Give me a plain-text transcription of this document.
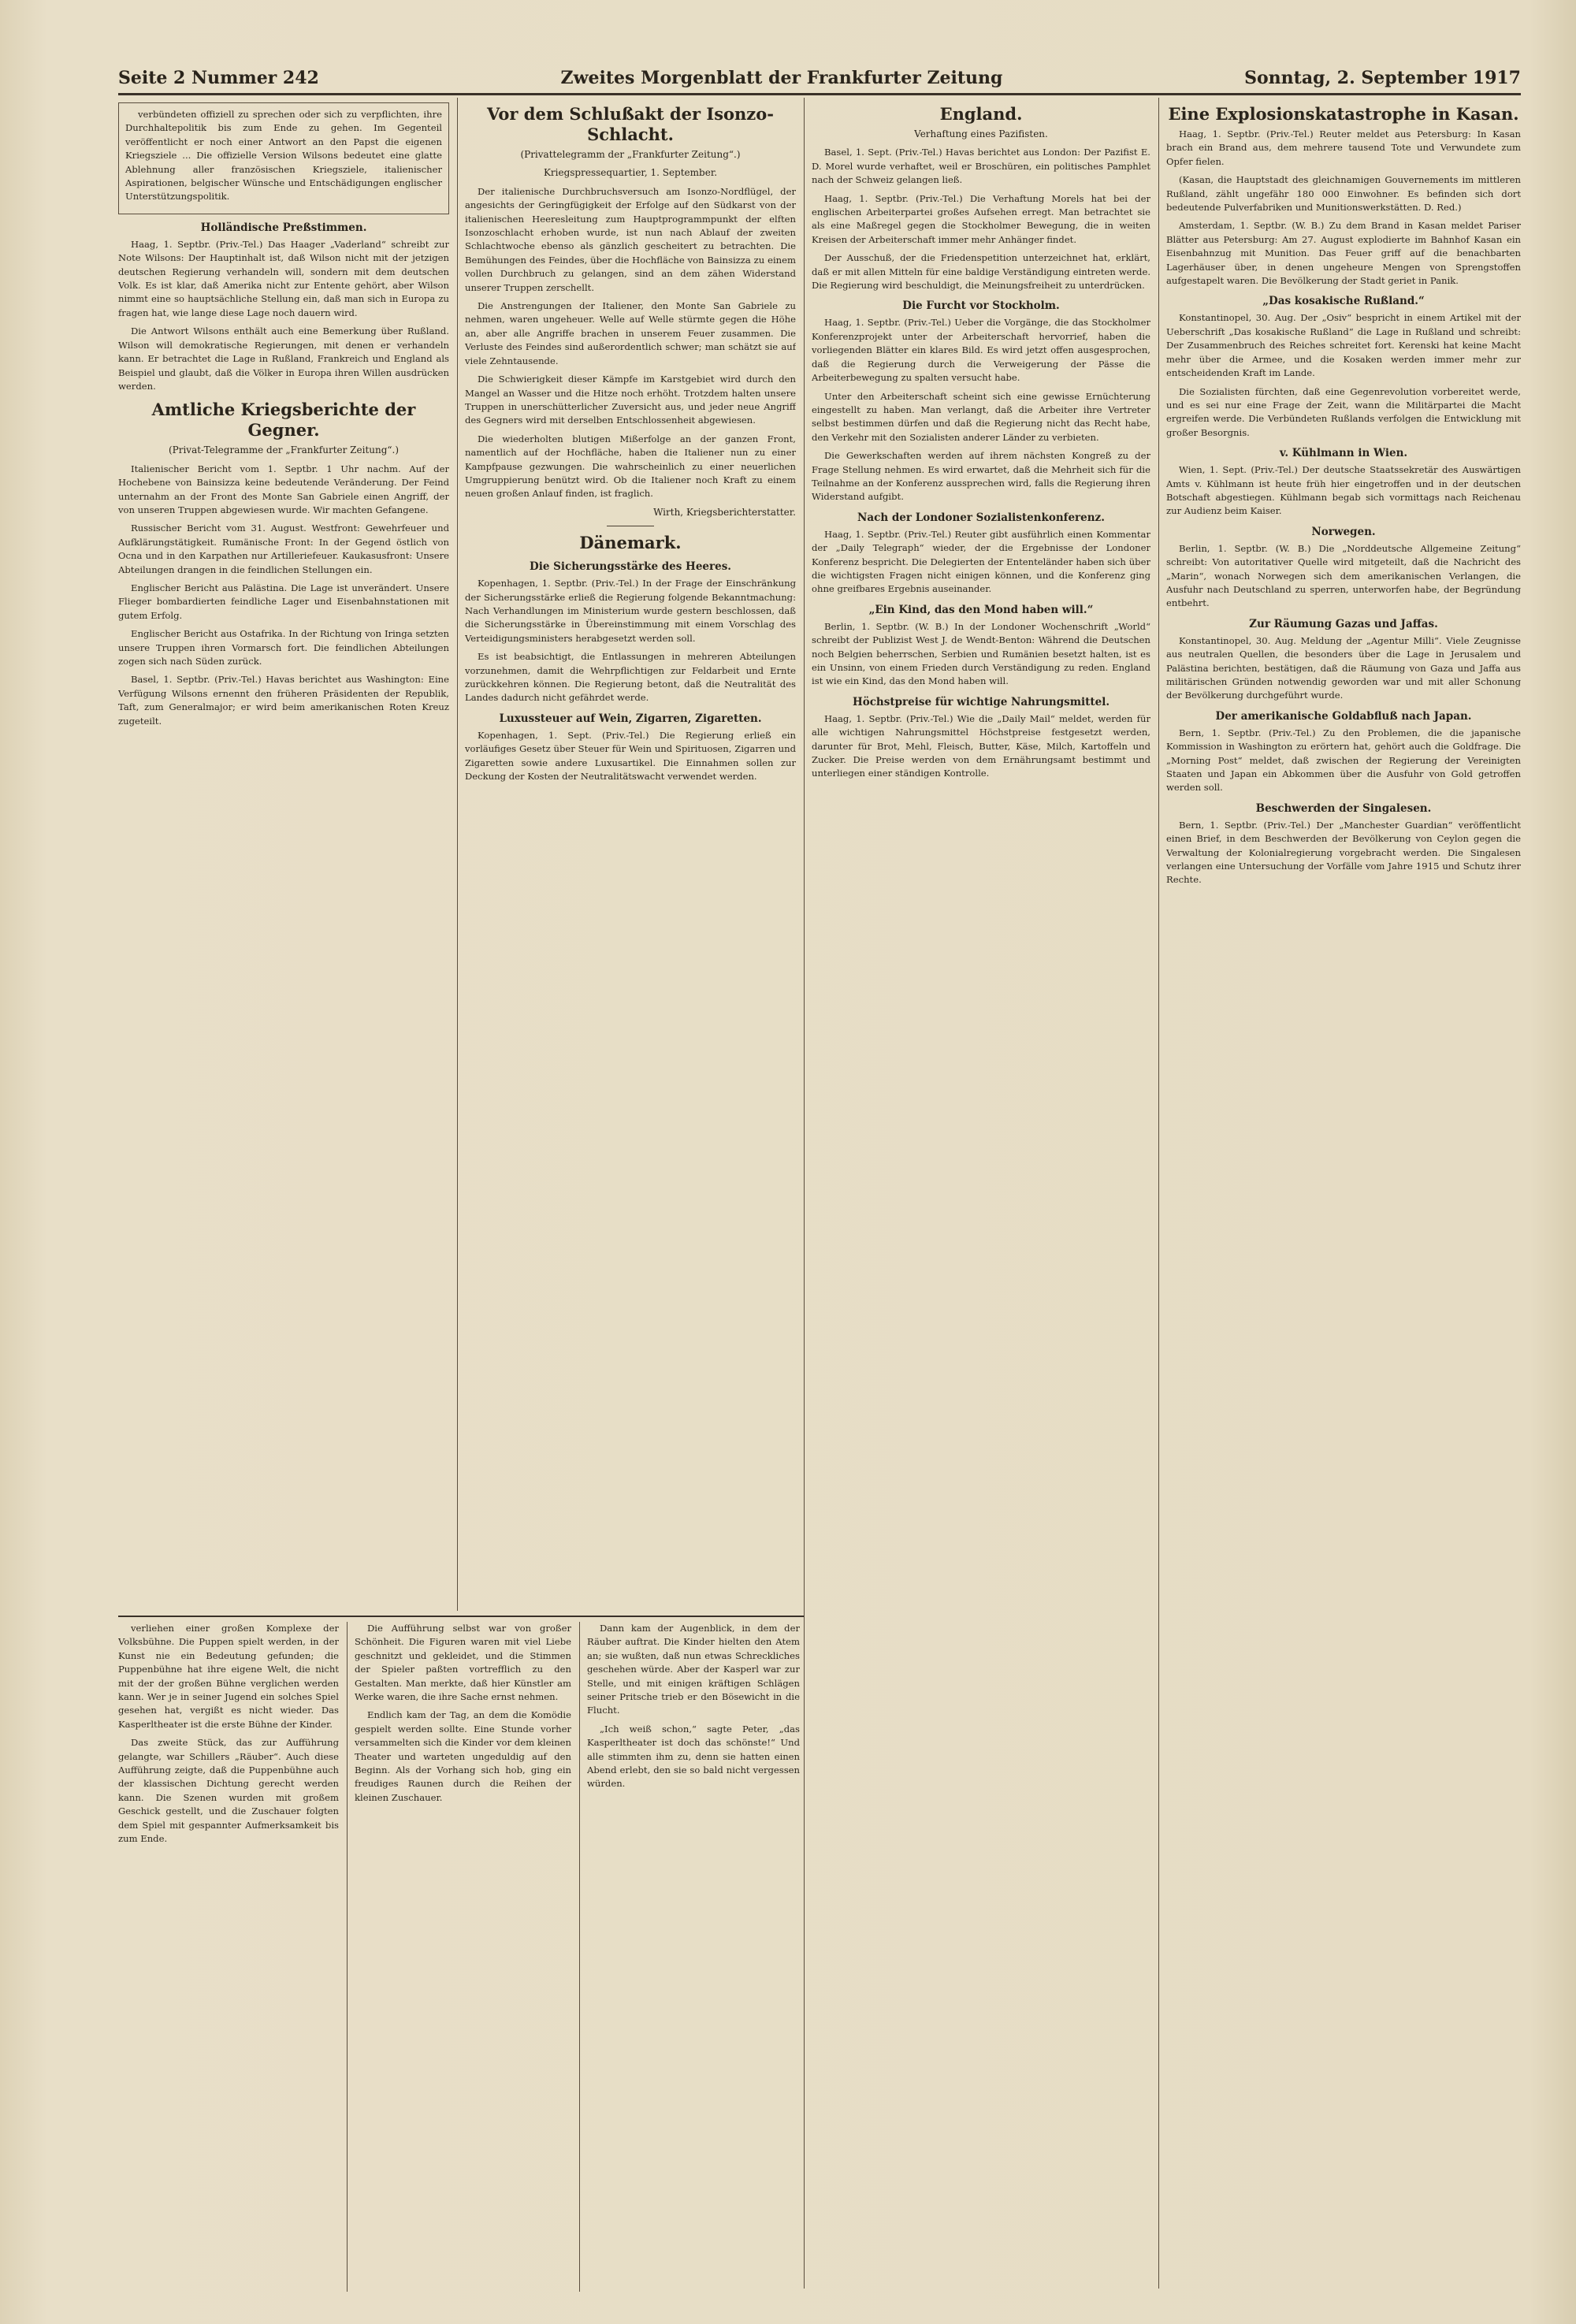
Seite 2 Nummer 242	Zweites Morgenblatt der Frankfurter Zeitung	Sonntag, 2. September 1917

verbündeten offiziell zu sprechen oder sich zu verpflichten, ihre Durchhaltepolitik bis zum Ende zu gehen. Im Gegenteil veröffentlicht er noch einer Antwort an den Papst die eigenen Kriegsziele ... Die offizielle Version Wilsons bedeutet eine glatte Ablehnung aller französischen Kriegsziele, italienischer Aspirationen, belgischer Wünsche und Entschädigungen englischer Unterstützungspolitik.

Holländische Preßstimmen.

Haag, 1. Septbr. (Priv.-Tel.) Das Haager „Vaderland“ schreibt zur Note Wilsons: Der Hauptinhalt ist, daß Wilson nicht mit der jetzigen deutschen Regierung verhandeln will, sondern mit dem deutschen Volk. Es ist klar, daß Amerika nicht zur Entente gehört, aber Wilson nimmt eine so hauptsächliche Stellung ein, daß man sich in Europa zu fragen hat, wie lange diese Lage noch dauern wird.

Die Antwort Wilsons enthält auch eine Bemerkung über Rußland. Wilson will demokratische Regierungen, mit denen er verhandeln kann. Er betrachtet die Lage in Rußland, Frankreich und England als Beispiel und glaubt, daß die Völker in Europa ihren Willen ausdrücken werden.

Amtliche Kriegsberichte der Gegner.
(Privat-Telegramme der „Frankfurter Zeitung“.)

Italienischer Bericht vom 1. Septbr. 1 Uhr nachm. Auf der Hochebene von Bainsizza keine bedeutende Veränderung. Der Feind unternahm an der Front des Monte San Gabriele einen Angriff, der von unseren Truppen abgewiesen wurde. Wir machten Gefangene.

Russischer Bericht vom 31. August. Westfront: Gewehrfeuer und Aufklärungstätigkeit. Rumänische Front: In der Gegend östlich von Ocna und in den Karpathen nur Artilleriefeuer. Kaukasusfront: Unsere Abteilungen drangen in die feindlichen Stellungen ein.

Englischer Bericht aus Palästina. Die Lage ist unverändert. Unsere Flieger bombardierten feindliche Lager und Eisenbahnstationen mit gutem Erfolg.

Englischer Bericht aus Ostafrika. In der Richtung von Iringa setzten unsere Truppen ihren Vormarsch fort. Die feindlichen Abteilungen zogen sich nach Süden zurück.

Basel, 1. Septbr. (Priv.-Tel.) Havas berichtet aus Washington: Eine Verfügung Wilsons ernennt den früheren Präsidenten der Republik, Taft, zum Generalmajor; er wird beim amerikanischen Roten Kreuz zugeteilt.

Vor dem Schlußakt der Isonzo-Schlacht.
(Privattelegramm der „Frankfurter Zeitung“.)
Kriegspressequartier, 1. September.

Der italienische Durchbruchsversuch am Isonzo-Nordflügel, der angesichts der Geringfügigkeit der Erfolge auf den Südkarst von der italienischen Heeresleitung zum Hauptprogrammpunkt der elften Isonzoschlacht erhoben wurde, ist nun nach Ablauf der zweiten Schlachtwoche ebenso als gänzlich gescheitert zu betrachten. Die Bemühungen des Feindes, über die Hochfläche von Bainsizza zu einem vollen Durchbruch zu gelangen, sind an dem zähen Widerstand unserer Truppen zerschellt.

Die Anstrengungen der Italiener, den Monte San Gabriele zu nehmen, waren ungeheuer. Welle auf Welle stürmte gegen die Höhe an, aber alle Angriffe brachen in unserem Feuer zusammen. Die Verluste des Feindes sind außerordentlich schwer; man schätzt sie auf viele Zehntausende.

Die Schwierigkeit dieser Kämpfe im Karstgebiet wird durch den Mangel an Wasser und die Hitze noch erhöht. Trotzdem halten unsere Truppen in unerschütterlicher Zuversicht aus, und jeder neue Angriff des Gegners wird mit derselben Entschlossenheit abgewiesen.

Die wiederholten blutigen Mißerfolge an der ganzen Front, namentlich auf der Hochfläche, haben die Italiener nun zu einer Kampfpause gezwungen. Die wahrscheinlich zu einer neuerlichen Umgruppierung benützt wird. Ob die Italiener noch Kraft zu einem neuen großen Anlauf finden, ist fraglich.

Wirth, Kriegsberichterstatter.
Dänemark.
Die Sicherungsstärke des Heeres.

Kopenhagen, 1. Septbr. (Priv.-Tel.) In der Frage der Einschränkung der Sicherungsstärke erließ die Regierung folgende Bekanntmachung: Nach Verhandlungen im Ministerium wurde gestern beschlossen, daß die Sicherungsstärke in Übereinstimmung mit einem Vorschlag des Verteidigungsministers herabgesetzt werden soll.

Es ist beabsichtigt, die Entlassungen in mehreren Abteilungen vorzunehmen, damit die Wehrpflichtigen zur Feldarbeit und Ernte zurückkehren können. Die Regierung betont, daß die Neutralität des Landes dadurch nicht gefährdet werde.

Luxussteuer auf Wein, Zigarren, Zigaretten.

Kopenhagen, 1. Sept. (Priv.-Tel.) Die Regierung erließ ein vorläufiges Gesetz über Steuer für Wein und Spirituosen, Zigarren und Zigaretten sowie andere Luxusartikel. Die Einnahmen sollen zur Deckung der Kosten der Neutralitätswacht verwendet werden.

England.
Verhaftung eines Pazifisten.

Basel, 1. Sept. (Priv.-Tel.) Havas berichtet aus London: Der Pazifist E. D. Morel wurde verhaftet, weil er Broschüren, ein politisches Pamphlet nach der Schweiz gelangen ließ.

Haag, 1. Septbr. (Priv.-Tel.) Die Verhaftung Morels hat bei der englischen Arbeiterpartei großes Aufsehen erregt. Man betrachtet sie als eine Maßregel gegen die Stockholmer Bewegung, die in weiten Kreisen der Arbeiterschaft immer mehr Anhänger findet.

Der Ausschuß, der die Friedenspetition unterzeichnet hat, erklärt, daß er mit allen Mitteln für eine baldige Verständigung eintreten werde. Die Regierung wird beschuldigt, die Meinungsfreiheit zu unterdrücken.

Die Furcht vor Stockholm.

Haag, 1. Septbr. (Priv.-Tel.) Ueber die Vorgänge, die das Stockholmer Konferenzprojekt unter der Arbeiterschaft hervorrief, haben die vorliegenden Blätter ein klares Bild. Es wird jetzt offen ausgesprochen, daß die Regierung durch die Verweigerung der Pässe die Arbeiterbewegung zu spalten versucht habe.

Unter den Arbeiterschaft scheint sich eine gewisse Ernüchterung eingestellt zu haben. Man verlangt, daß die Arbeiter ihre Vertreter selbst bestimmen dürfen und daß die Regierung nicht das Recht habe, den Verkehr mit den Sozialisten anderer Länder zu verbieten.

Die Gewerkschaften werden auf ihrem nächsten Kongreß zu der Frage Stellung nehmen. Es wird erwartet, daß die Mehrheit sich für die Teilnahme an der Konferenz aussprechen wird, falls die Regierung ihren Widerstand aufgibt.

Nach der Londoner Sozialistenkonferenz.

Haag, 1. Septbr. (Priv.-Tel.) Reuter gibt ausführlich einen Kommentar der „Daily Telegraph“ wieder, der die Ergebnisse der Londoner Konferenz bespricht. Die Delegierten der Ententeländer haben sich über die wichtigsten Fragen nicht einigen können, und die Konferenz ging ohne greifbares Ergebnis auseinander.

„Ein Kind, das den Mond haben will.“

Berlin, 1. Septbr. (W. B.) In der Londoner Wochenschrift „World“ schreibt der Publizist West J. de Wendt-Benton: Während die Deutschen noch Belgien beherrschen, Serbien und Rumänien besetzt halten, ist es ein Unsinn, von einem Frieden durch Verständigung zu reden. England ist wie ein Kind, das den Mond haben will.

Höchstpreise für wichtige Nahrungsmittel.

Haag, 1. Septbr. (Priv.-Tel.) Wie die „Daily Mail“ meldet, werden für alle wichtigen Nahrungsmittel Höchstpreise festgesetzt werden, darunter für Brot, Mehl, Fleisch, Butter, Käse, Milch, Kartoffeln und Zucker. Die Preise werden von dem Ernährungsamt bestimmt und unterliegen einer ständigen Kontrolle.

Eine Explosionskatastrophe in Kasan.

Haag, 1. Septbr. (Priv.-Tel.) Reuter meldet aus Petersburg: In Kasan brach ein Brand aus, dem mehrere tausend Tote und Verwundete zum Opfer fielen.

(Kasan, die Hauptstadt des gleichnamigen Gouvernements im mittleren Rußland, zählt ungefähr 180 000 Einwohner. Es befinden sich dort bedeutende Pulverfabriken und Munitionswerkstätten. D. Red.)

Amsterdam, 1. Septbr. (W. B.) Zu dem Brand in Kasan meldet Pariser Blätter aus Petersburg: Am 27. August explodierte im Bahnhof Kasan ein Eisenbahnzug mit Munition. Das Feuer griff auf die benachbarten Lagerhäuser über, in denen ungeheure Mengen von Sprengstoffen aufgestapelt waren. Die Bevölkerung der Stadt geriet in Panik.

„Das kosakische Rußland.“

Konstantinopel, 30. Aug. Der „Osiv“ bespricht in einem Artikel mit der Ueberschrift „Das kosakische Rußland“ die Lage in Rußland und schreibt: Der Zusammenbruch des Reiches schreitet fort. Kerenski hat keine Macht mehr über die Armee, und die Kosaken werden immer mehr zur entscheidenden Kraft im Lande.

Die Sozialisten fürchten, daß eine Gegenrevolution vorbereitet werde, und es sei nur eine Frage der Zeit, wann die Militärpartei die Macht ergreifen werde. Die Verbündeten Rußlands verfolgen die Entwicklung mit großer Besorgnis.

v. Kühlmann in Wien.

Wien, 1. Sept. (Priv.-Tel.) Der deutsche Staatssekretär des Auswärtigen Amts v. Kühlmann ist heute früh hier eingetroffen und in der deutschen Botschaft abgestiegen. Kühlmann begab sich vormittags nach Reichenau zur Audienz beim Kaiser.

Norwegen.

Berlin, 1. Septbr. (W. B.) Die „Norddeutsche Allgemeine Zeitung“ schreibt: Von autoritativer Quelle wird mitgeteilt, daß die Nachricht des „Marin“, wonach Norwegen sich dem amerikanischen Verlangen, die Ausfuhr nach Deutschland zu sperren, unterworfen habe, der Begründung entbehrt.

Zur Räumung Gazas und Jaffas.

Konstantinopel, 30. Aug. Meldung der „Agentur Milli“. Viele Zeugnisse aus neutralen Quellen, die besonders über die Lage in Jerusalem und Palästina berichten, bestätigen, daß die Räumung von Gaza und Jaffa aus militärischen Gründen notwendig geworden war und mit aller Schonung der Bevölkerung durchgeführt wurde.

Der amerikanische Goldabfluß nach Japan.

Bern, 1. Septbr. (Priv.-Tel.) Zu den Problemen, die die japanische Kommission in Washington zu erörtern hat, gehört auch die Goldfrage. Die „Morning Post“ meldet, daß zwischen der Regierung der Vereinigten Staaten und Japan ein Abkommen über die Ausfuhr von Gold getroffen werden soll.

Beschwerden der Singalesen.

Bern, 1. Septbr. (Priv.-Tel.) Der „Manchester Guardian“ veröffentlicht einen Brief, in dem Beschwerden der Bevölkerung von Ceylon gegen die Verwaltung der Kolonialregierung vorgebracht werden. Die Singalesen verlangen eine Untersuchung der Vorfälle vom Jahre 1915 und Schutz ihrer Rechte.

verliehen einer großen Komplexe der Volksbühne. Die Puppen spielt werden, in der Kunst nie ein Bedeutung gefunden; die Puppenbühne hat ihre eigene Welt, die nicht mit der der großen Bühne verglichen werden kann. Wer je in seiner Jugend ein solches Spiel gesehen hat, vergißt es nicht wieder. Das Kasperltheater ist die erste Bühne der Kinder.

Das zweite Stück, das zur Aufführung gelangte, war Schillers „Räuber“. Auch diese Aufführung zeigte, daß die Puppenbühne auch der klassischen Dichtung gerecht werden kann. Die Szenen wurden mit großem Geschick gestellt, und die Zuschauer folgten dem Spiel mit gespannter Aufmerksamkeit bis zum Ende.

Die Aufführung selbst war von großer Schönheit. Die Figuren waren mit viel Liebe geschnitzt und gekleidet, und die Stimmen der Spieler paßten vortrefflich zu den Gestalten. Man merkte, daß hier Künstler am Werke waren, die ihre Sache ernst nehmen.

Endlich kam der Tag, an dem die Komödie gespielt werden sollte. Eine Stunde vorher versammelten sich die Kinder vor dem kleinen Theater und warteten ungeduldig auf den Beginn. Als der Vorhang sich hob, ging ein freudiges Raunen durch die Reihen der kleinen Zuschauer.

Dann kam der Augenblick, in dem der Räuber auftrat. Die Kinder hielten den Atem an; sie wußten, daß nun etwas Schreckliches geschehen würde. Aber der Kasperl war zur Stelle, und mit einigen kräftigen Schlägen seiner Pritsche trieb er den Bösewicht in die Flucht.

„Ich weiß schon,“ sagte Peter, „das Kasperltheater ist doch das schönste!“ Und alle stimmten ihm zu, denn sie hatten einen Abend erlebt, den sie so bald nicht vergessen würden.
